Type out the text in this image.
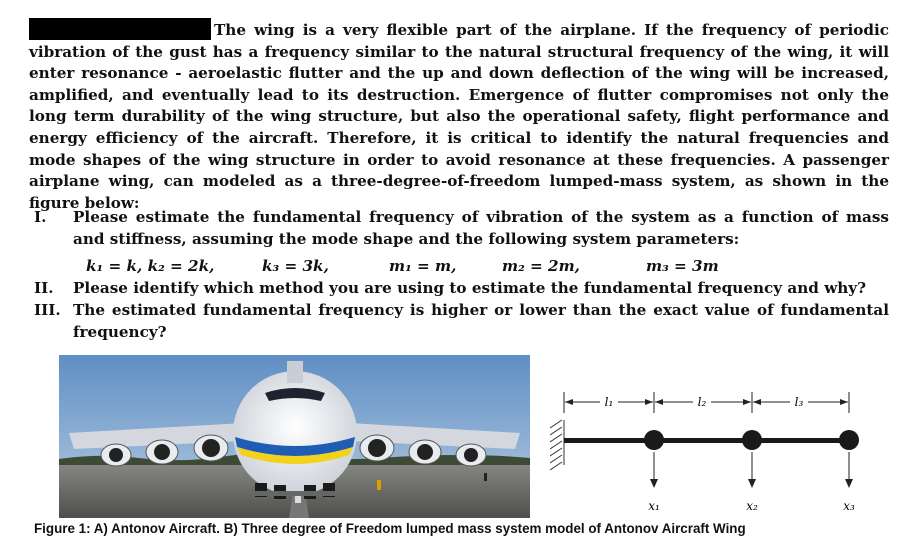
The wing is a very flexible part of the airplane. If the frequency of periodic vibration of the gust has a frequency similar to the natural structural frequency of the wing, it will enter resonance - aeroelastic flutter and the up and down deflection of the wing will be increased, amplified, and eventually lead to its destruction. Emergence of flutter compromises not only the long term durability of the wing structure, but also the operational safety, flight performance and energy efficiency of the aircraft. Therefore, it is critical to identify the natural frequencies and mode shapes of the wing structure in order to avoid resonance at these frequencies. A passenger airplane wing, can modeled as a three-degree-of-freedom lumped-mass system, as shown in the figure below:

I. Please estimate the fundamental frequency of vibration of the system as a function of mass and stiffness, assuming the mode shape and the following system parameters:
k₁ = k, k₂ = 2k,	k₃ = 3k,	m₁ = m,	m₂ = 2m,	m₃ = 3m
II. Please identify which method you are using to estimate the fundamental frequency and why?
III. The estimated fundamental frequency is higher or lower than the exact value of fundamental frequency?
l₁	l₂	l₃
x₁	x₂	x₃
Figure 1: A) Antonov Aircraft. B) Three degree of Freedom lumped mass system model of Antonov Aircraft Wing
